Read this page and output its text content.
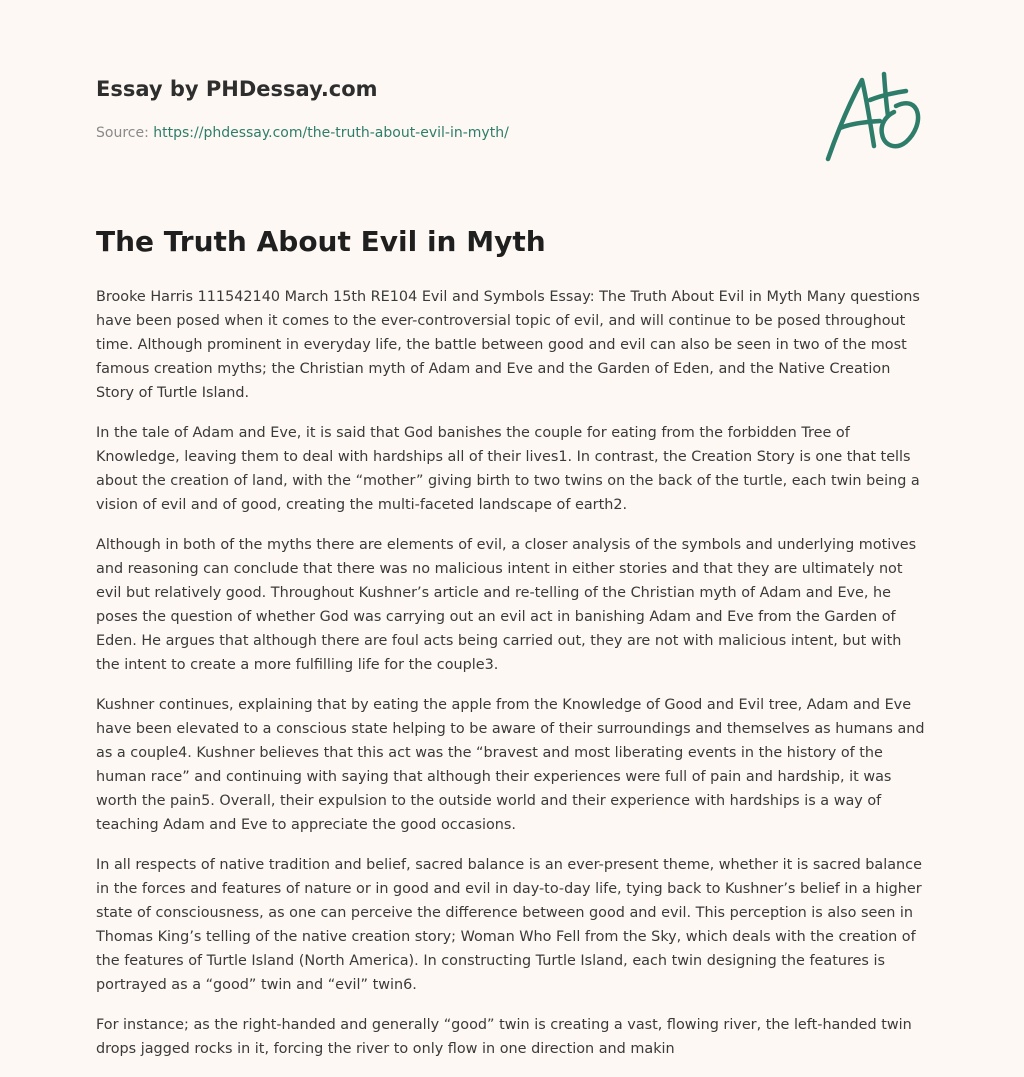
Essay by PHDessay.com
Source: https://phdessay.com/the-truth-about-evil-in-myth/
The Truth About Evil in Myth

Brooke Harris 111542140 March 15th RE104 Evil and Symbols Essay: The Truth About Evil in Myth Many questions have been posed when it comes to the ever-controversial topic of evil, and will continue to be posed throughout time. Although prominent in everyday life, the battle between good and evil can also be seen in two of the most famous creation myths; the Christian myth of Adam and Eve and the Garden of Eden, and the Native Creation Story of Turtle Island.

In the tale of Adam and Eve, it is said that God banishes the couple for eating from the forbidden Tree of Knowledge, leaving them to deal with hardships all of their lives1. In contrast, the Creation Story is one that tells about the creation of land, with the “mother” giving birth to two twins on the back of the turtle, each twin being a vision of evil and of good, creating the multi-faceted landscape of earth2.

Although in both of the myths there are elements of evil, a closer analysis of the symbols and underlying motives and reasoning can conclude that there was no malicious intent in either stories and that they are ultimately not evil but relatively good. Throughout Kushner’s article and re-telling of the Christian myth of Adam and Eve, he poses the question of whether God was carrying out an evil act in banishing Adam and Eve from the Garden of Eden. He argues that although there are foul acts being carried out, they are not with malicious intent, but with the intent to create a more fulfilling life for the couple3.

Kushner continues, explaining that by eating the apple from the Knowledge of Good and Evil tree, Adam and Eve have been elevated to a conscious state helping to be aware of their surroundings and themselves as humans and as a couple4. Kushner believes that this act was the “bravest and most liberating events in the history of the human race” and continuing with saying that although their experiences were full of pain and hardship, it was worth the pain5. Overall, their expulsion to the outside world and their experience with hardships is a way of teaching Adam and Eve to appreciate the good occasions.

In all respects of native tradition and belief, sacred balance is an ever-present theme, whether it is sacred balance in the forces and features of nature or in good and evil in day-to-day life, tying back to Kushner’s belief in a higher state of consciousness, as one can perceive the difference between good and evil. This perception is also seen in Thomas King’s telling of the native creation story; Woman Who Fell from the Sky, which deals with the creation of the features of Turtle Island (North America). In constructing Turtle Island, each twin designing the features is portrayed as a “good” twin and “evil” twin6.

For instance; as the right-handed and generally “good” twin is creating a vast, flowing river, the left-handed twin drops jagged rocks in it, forcing the river to only flow in one direction and makin
